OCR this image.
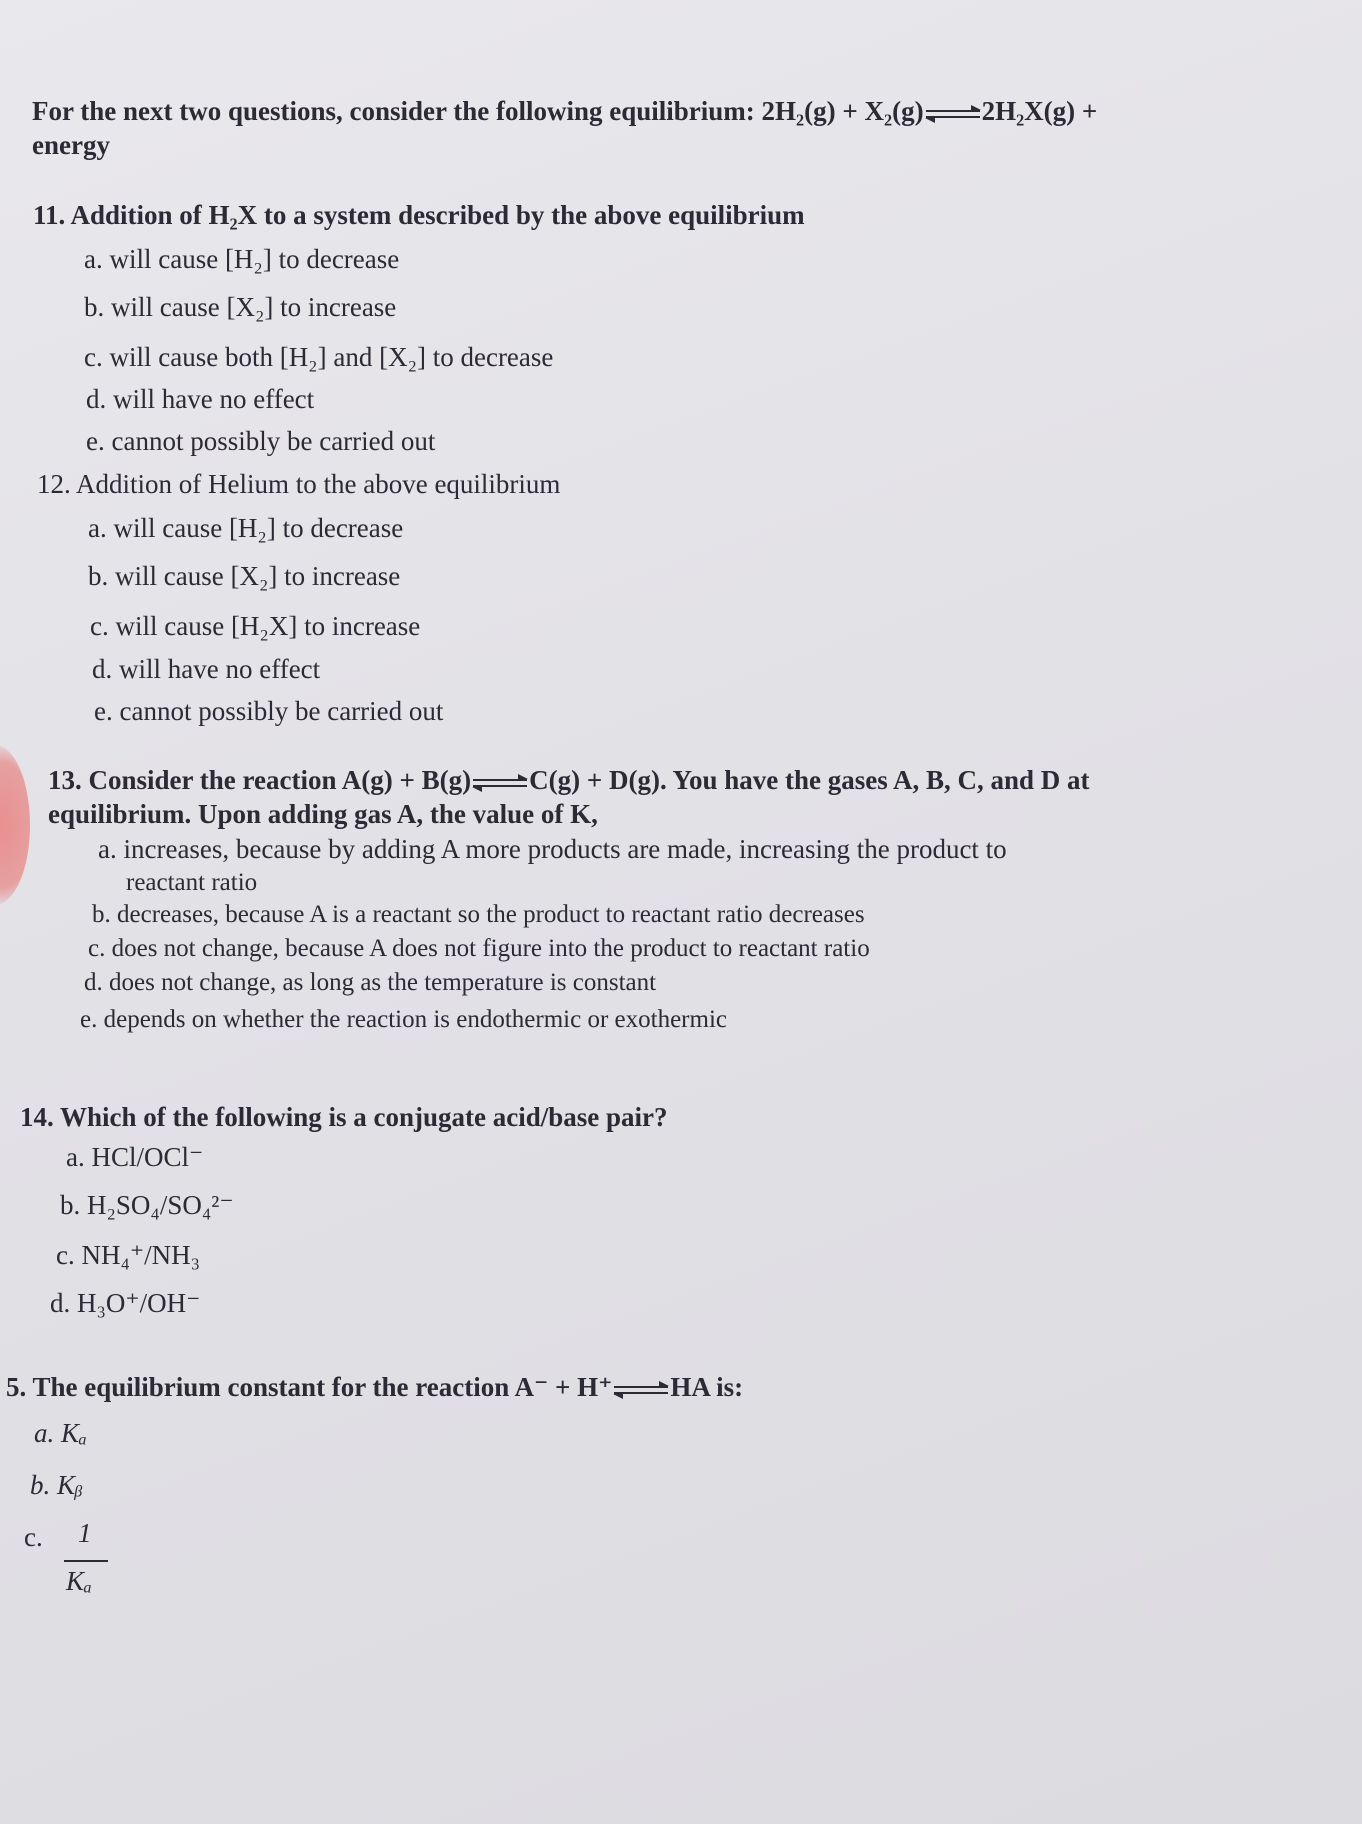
For the next two questions, consider the following equilibrium: 2H₂(g) + X₂(g) ⇌ 2H₂X(g) +
energy
11. Addition of H₂X to a system described by the above equilibrium
a. will cause [H₂] to decrease
b. will cause [X₂] to increase
c. will cause both [H₂] and [X₂] to decrease
d. will have no effect
e. cannot possibly be carried out
12. Addition of Helium to the above equilibrium
a. will cause [H₂] to decrease
b. will cause [X₂] to increase
c. will cause [H₂X] to increase
d. will have no effect
e. cannot possibly be carried out
13. Consider the reaction A(g) + B(g) ⇌ C(g) + D(g). You have the gases A, B, C, and D at
equilibrium. Upon adding gas A, the value of K,
a. increases, because by adding A more products are made, increasing the product to
reactant ratio
b. decreases, because A is a reactant so the product to reactant ratio decreases
c. does not change, because A does not figure into the product to reactant ratio
d. does not change, as long as the temperature is constant
e. depends on whether the reaction is endothermic or exothermic
14. Which of the following is a conjugate acid/base pair?
a. HCl/OCl⁻
b. H₂SO₄/SO₄²⁻
c. NH₄⁺/NH₃
d. H₃O⁺/OH⁻
5. The equilibrium constant for the reaction A⁻ + H⁺ ⇌ HA is:
a. Kₐ
b. Kᵦ
c. 1
Kₐ
